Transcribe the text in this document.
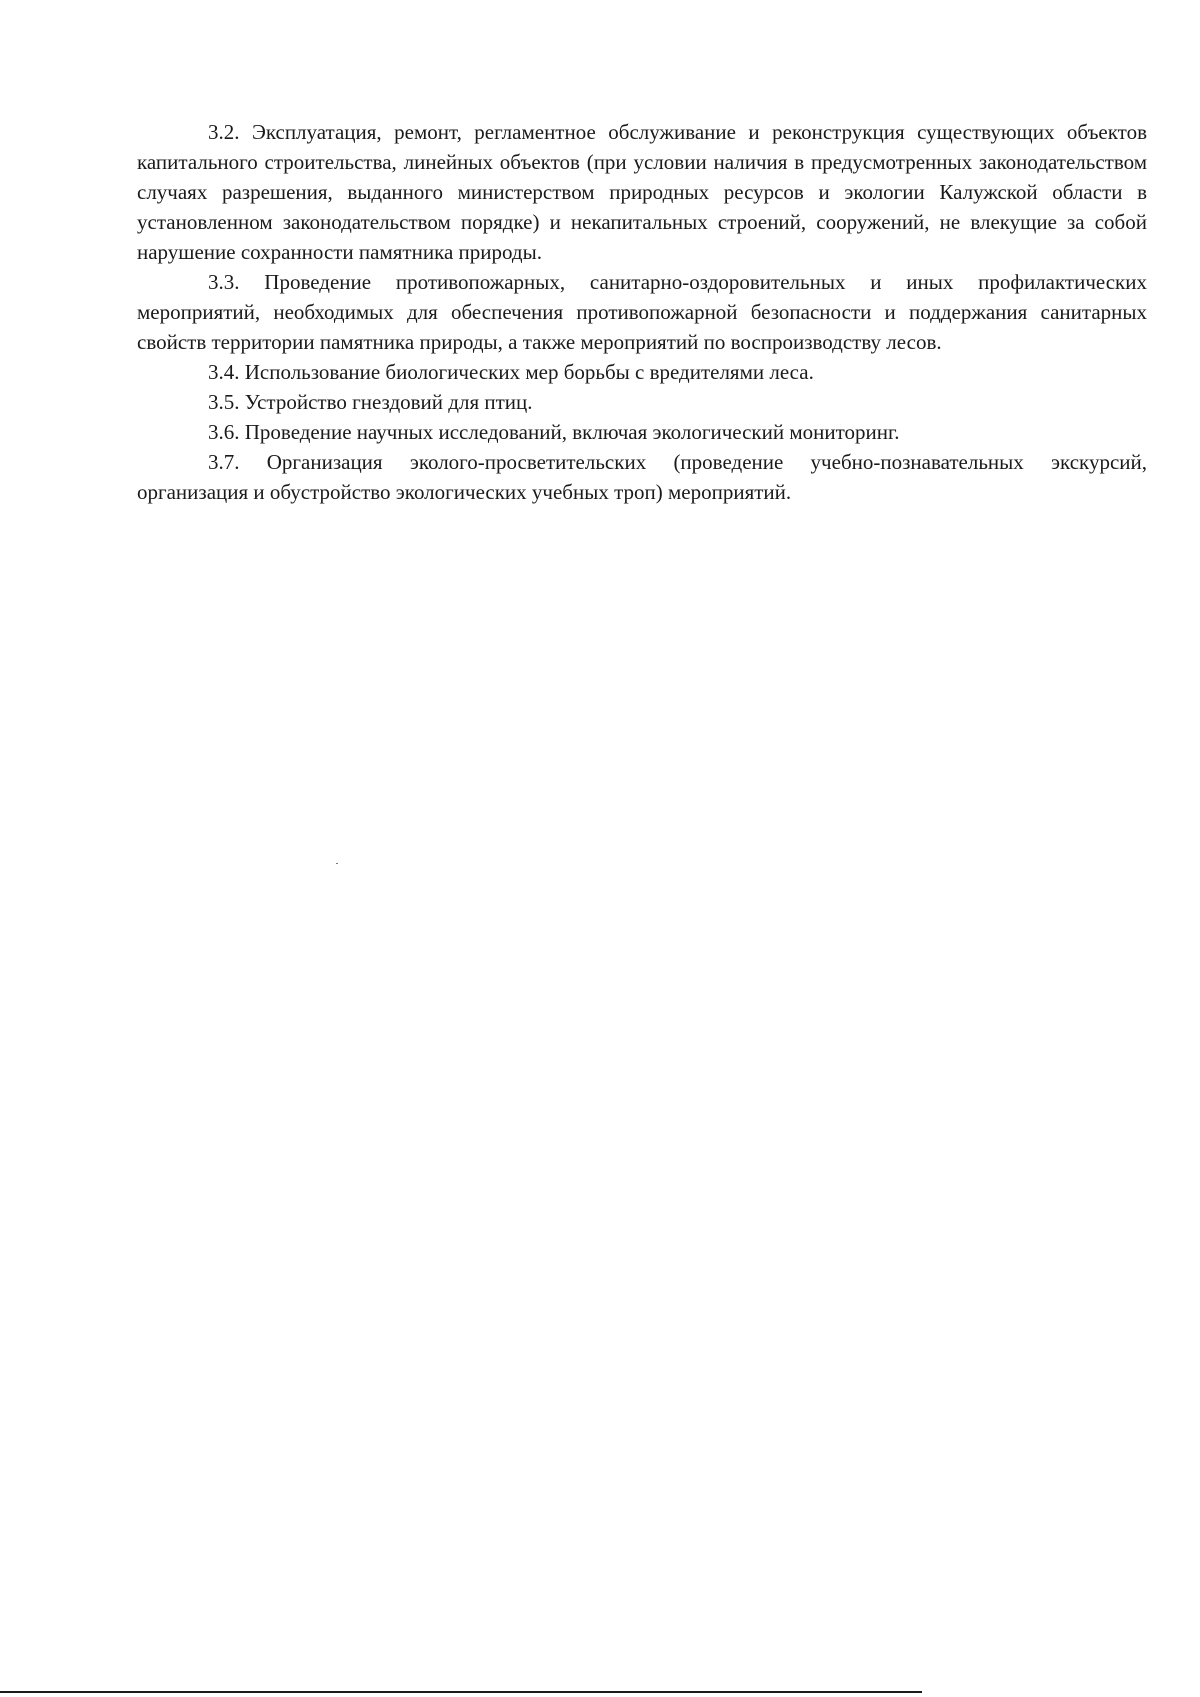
3.2. Эксплуатация, ремонт, регламентное обслуживание и реконструкция существующих объектов капитального строительства, линейных объектов (при условии наличия в предусмотренных законодательством случаях разрешения, выданного министерством природных ресурсов и экологии Калужской области в установленном законодательством порядке) и некапитальных строений, сооружений, не влекущие за собой нарушение сохранности памятника природы.

3.3. Проведение противопожарных, санитарно-оздоровительных и иных профилактических мероприятий, необходимых для обеспечения противопожарной безопасности и поддержания санитарных свойств территории памятника природы, а также мероприятий по воспроизводству лесов.

3.4. Использование биологических мер борьбы с вредителями леса.

3.5. Устройство гнездовий для птиц.

3.6. Проведение научных исследований, включая экологический мониторинг.

3.7. Организация эколого-просветительских (проведение учебно-познавательных экскурсий, организация и обустройство экологических учебных троп) мероприятий.
